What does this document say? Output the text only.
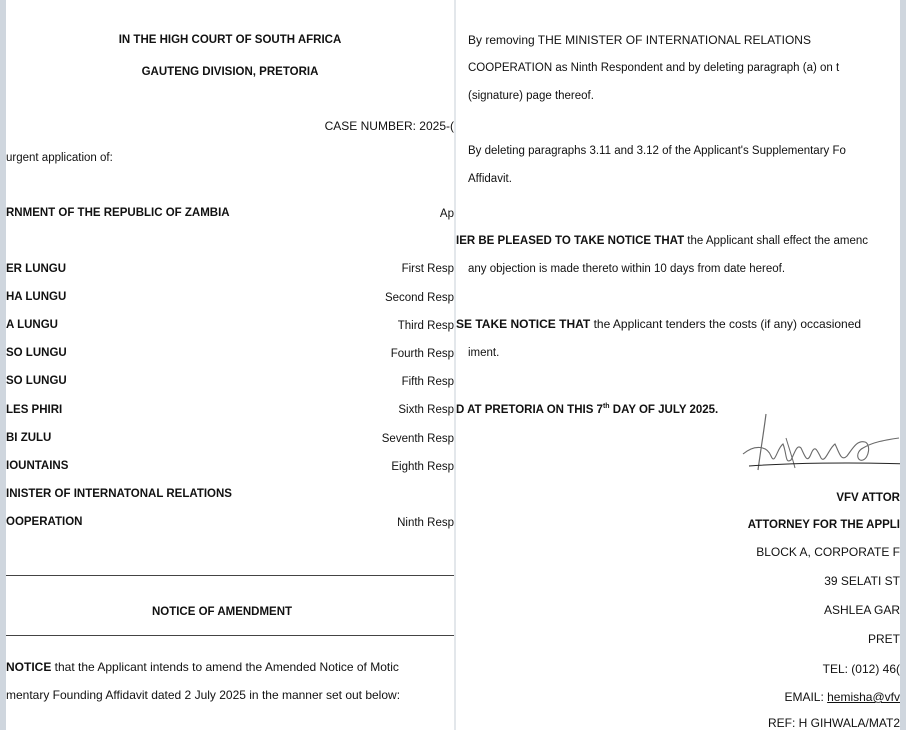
IN THE HIGH COURT OF SOUTH AFRICA
GAUTENG DIVISION, PRETORIA
CASE NUMBER: 2025-(
urgent application of:
RNMENT OF THE REPUBLIC OF ZAMBIA	Ap
ER LUNGU	First Resp
HA LUNGU	Second Resp
A LUNGU	Third Resp
SO LUNGU	Fourth Resp
SO LUNGU	Fifth Resp
LES PHIRI	Sixth Resp
BI ZULU	Seventh Resp
IOUNTAINS	Eighth Resp
INISTER OF INTERNATONAL RELATIONS
OOPERATION	Ninth Resp
NOTICE OF AMENDMENT
NOTICE that the Applicant intends to amend the Amended Notice of Motic
mentary Founding Affidavit dated 2 July 2025 in the manner set out below:
By removing THE MINISTER OF INTERNATIONAL RELATIONS
COOPERATION as Ninth Respondent and by deleting paragraph (a) on t
(signature) page thereof.
By deleting paragraphs 3.11 and 3.12 of the Applicant's Supplementary Fo
Affidavit.
IER BE PLEASED TO TAKE NOTICE THAT the Applicant shall effect the amenc
any objection is made thereto within 10 days from date hereof.
SE TAKE NOTICE THAT the Applicant tenders the costs (if any) occasioned
iment.
D AT PRETORIA ON THIS 7th DAY OF JULY 2025.
VFV ATTOR
ATTORNEY FOR THE APPLI
BLOCK A, CORPORATE F
39 SELATI ST
ASHLEA GAR
PRET
TEL: (012) 46(
EMAIL: hemisha@vfv
REF: H GIHWALA/MAT2
